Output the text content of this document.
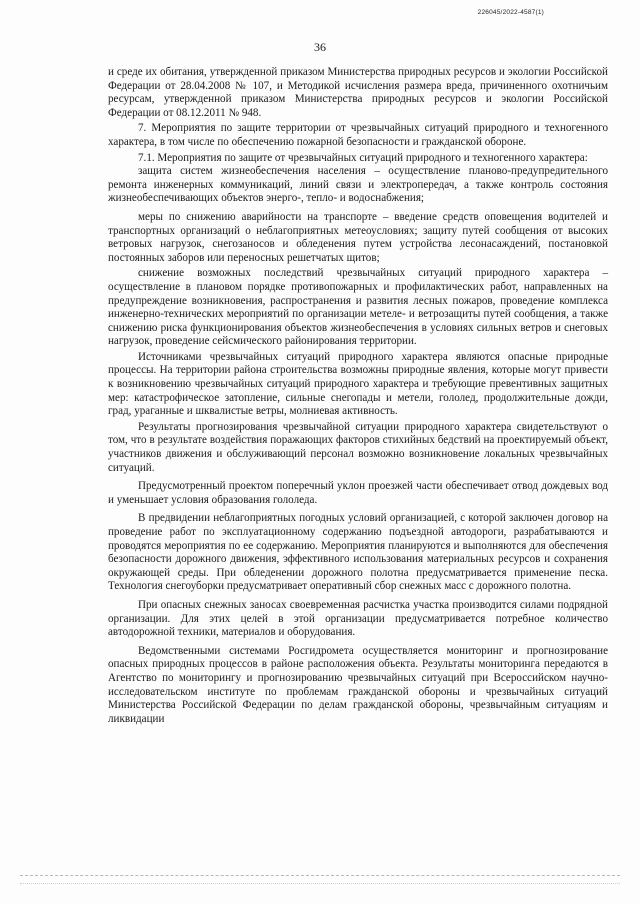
226045/2022-4587(1)
36

и среде их обитания, утвержденной приказом Министерства природных ресурсов и экологии Российской Федерации от 28.04.2008 № 107, и Методикой исчисления размера вреда, причиненного охотничьим ресурсам, утвержденной приказом Министерства природных ресурсов и экологии Российской Федерации от 08.12.2011 № 948.

7. Мероприятия по защите территории от чрезвычайных ситуаций природного и техногенного характера, в том числе по обеспечению пожарной безопасности и гражданской обороне.

7.1. Мероприятия по защите от чрезвычайных ситуаций природного и техногенного характера:

защита систем жизнеобеспечения населения – осуществление планово-предупредительного ремонта инженерных коммуникаций, линий связи и электропередач, а также контроль состояния жизнеобеспечивающих объектов энерго-, тепло- и водоснабжения;

меры по снижению аварийности на транспорте – введение средств оповещения водителей и транспортных организаций о неблагоприятных метеоусловиях; защиту путей сообщения от высоких ветровых нагрузок, снегозаносов и обледенения путем устройства лесонасаждений, постановкой постоянных заборов или переносных решетчатых щитов;

снижение возможных последствий чрезвычайных ситуаций природного характера – осуществление в плановом порядке противопожарных и профилактических работ, направленных на предупреждение возникновения, распространения и развития лесных пожаров, проведение комплекса инженерно-технических мероприятий по организации метеле- и ветрозащиты путей сообщения, а также снижению риска функционирования объектов жизнеобеспечения в условиях сильных ветров и снеговых нагрузок, проведение сейсмического районирования территории.

Источниками чрезвычайных ситуаций природного характера являются опасные природные процессы. На территории района строительства возможны природные явления, которые могут привести к возникновению чрезвычайных ситуаций природного характера и требующие превентивных защитных мер: катастрофическое затопление, сильные снегопады и метели, гололед, продолжительные дожди, град, ураганные и шквалистые ветры, молниевая активность.

Результаты прогнозирования чрезвычайной ситуации природного характера свидетельствуют о том, что в результате воздействия поражающих факторов стихийных бедствий на проектируемый объект, участников движения и обслуживающий персонал возможно возникновение локальных чрезвычайных ситуаций.

Предусмотренный проектом поперечный уклон проезжей части обеспечивает отвод дождевых вод и уменьшает условия образования гололеда.

В предвидении неблагоприятных погодных условий организацией, с которой заключен договор на проведение работ по эксплуатационному содержанию подъездной автодороги, разрабатываются и проводятся мероприятия по ее содержанию. Мероприятия планируются и выполняются для обеспечения безопасности дорожного движения, эффективного использования материальных ресурсов и сохранения окружающей среды. При обледенении дорожного полотна предусматривается применение песка. Технология снегоуборки предусматривает оперативный сбор снежных масс с дорожного полотна.

При опасных снежных заносах своевременная расчистка участка производится силами подрядной организации. Для этих целей в этой организации предусматривается потребное количество автодорожной техники, материалов и оборудования.

Ведомственными системами Росгидромета осуществляется мониторинг и прогнозирование опасных природных процессов в районе расположения объекта. Результаты мониторинга передаются в Агентство по мониторингу и прогнозированию чрезвычайных ситуаций при Всероссийском научно-исследовательском институте по проблемам гражданской обороны и чрезвычайных ситуаций Министерства Российской Федерации по делам гражданской обороны, чрезвычайным ситуациям и ликвидации
